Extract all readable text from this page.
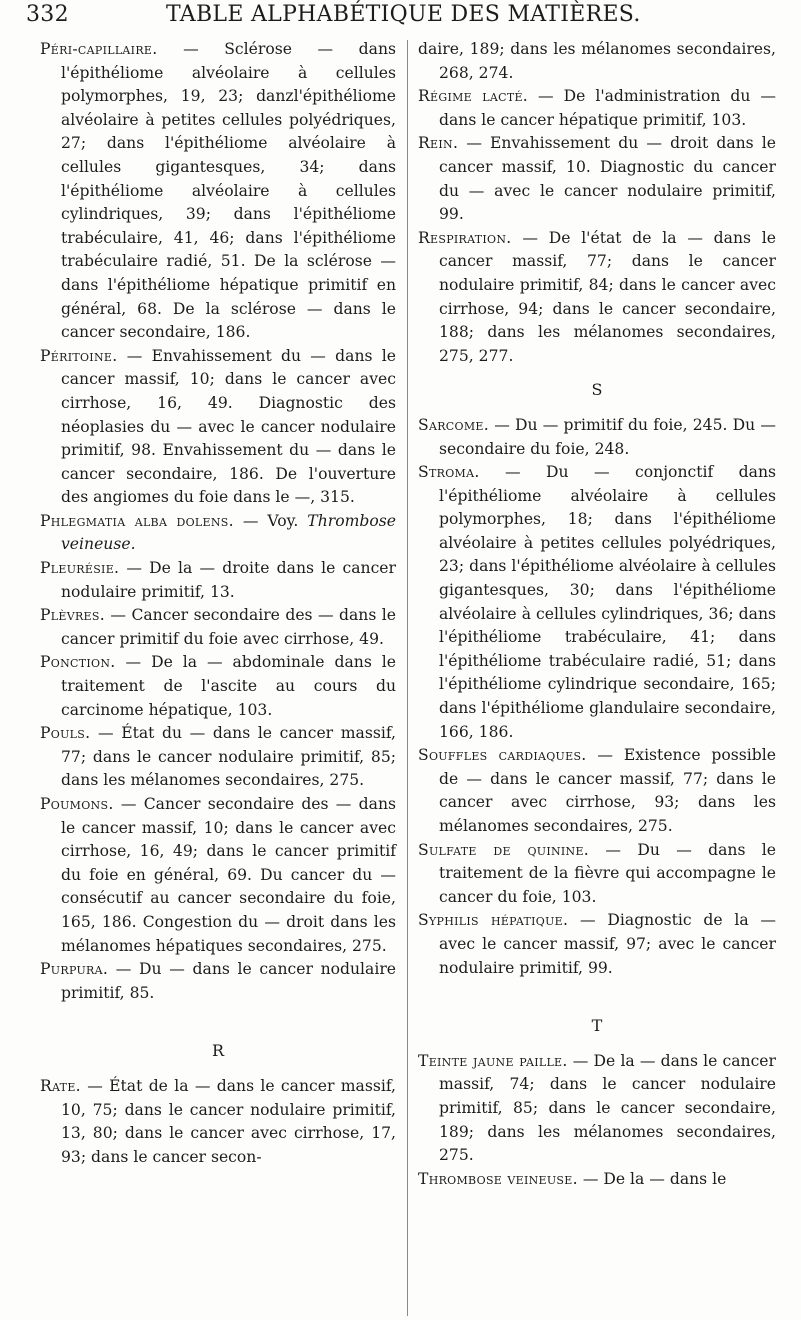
332	TABLE ALPHABÉTIQUE DES MATIÈRES.

Péri-capillaire. — Sclérose — dans l'épithéliome alvéolaire à cellules polymorphes, 19, 23; danzl'épithéliome alvéolaire à petites cellules polyédriques, 27; dans l'épithéliome alvéolaire à cellules gigantesques, 34; dans l'épithéliome alvéolaire à cellules cylindriques, 39; dans l'épithéliome trabéculaire, 41, 46; dans l'épithéliome trabéculaire radié, 51. De la sclérose — dans l'épithéliome hépatique primitif en général, 68. De la sclérose — dans le cancer secondaire, 186.

Péritoine. — Envahissement du — dans le cancer massif, 10; dans le cancer avec cirrhose, 16, 49. Diagnostic des néoplasies du — avec le cancer nodulaire primitif, 98. Envahissement du — dans le cancer secondaire, 186. De l'ouverture des angiomes du foie dans le —, 315.

Phlegmatia alba dolens. — Voy. Thrombose veineuse.

Pleurésie. — De la — droite dans le cancer nodulaire primitif, 13.

Plèvres. — Cancer secondaire des — dans le cancer primitif du foie avec cirrhose, 49.

Ponction. — De la — abdominale dans le traitement de l'ascite au cours du carcinome hépatique, 103.

Pouls. — État du — dans le cancer massif, 77; dans le cancer nodulaire primitif, 85; dans les mélanomes secondaires, 275.

Poumons. — Cancer secondaire des — dans le cancer massif, 10; dans le cancer avec cirrhose, 16, 49; dans le cancer primitif du foie en général, 69. Du cancer du — consécutif au cancer secondaire du foie, 165, 186. Congestion du — droit dans les mélanomes hépatiques secondaires, 275.

Purpura. — Du — dans le cancer nodulaire primitif, 85.

R

Rate. — État de la — dans le cancer massif, 10, 75; dans le cancer nodulaire primitif, 13, 80; dans le cancer avec cirrhose, 17, 93; dans le cancer secon-

daire, 189; dans les mélanomes secondaires, 268, 274.

Régime lacté. — De l'administration du — dans le cancer hépatique primitif, 103.

Rein. — Envahissement du — droit dans le cancer massif, 10. Diagnostic du cancer du — avec le cancer nodulaire primitif, 99.

Respiration. — De l'état de la — dans le cancer massif, 77; dans le cancer nodulaire primitif, 84; dans le cancer avec cirrhose, 94; dans le cancer secondaire, 188; dans les mélanomes secondaires, 275, 277.

S

Sarcome. — Du — primitif du foie, 245. Du — secondaire du foie, 248.

Stroma. — Du — conjonctif dans l'épithéliome alvéolaire à cellules polymorphes, 18; dans l'épithéliome alvéolaire à petites cellules polyédriques, 23; dans l'épithéliome alvéolaire à cellules gigantesques, 30; dans l'épithéliome alvéolaire à cellules cylindriques, 36; dans l'épithéliome trabéculaire, 41; dans l'épithéliome trabéculaire radié, 51; dans l'épithéliome cylindrique secondaire, 165; dans l'épithéliome glandulaire secondaire, 166, 186.

Souffles cardiaques. — Existence possible de — dans le cancer massif, 77; dans le cancer avec cirrhose, 93; dans les mélanomes secondaires, 275.

Sulfate de quinine. — Du — dans le traitement de la fièvre qui accompagne le cancer du foie, 103.

Syphilis hépatique. — Diagnostic de la — avec le cancer massif, 97; avec le cancer nodulaire primitif, 99.

T

Teinte jaune paille. — De la — dans le cancer massif, 74; dans le cancer nodulaire primitif, 85; dans le cancer secondaire, 189; dans les mélanomes secondaires, 275.

Thrombose veineuse. — De la — dans le
